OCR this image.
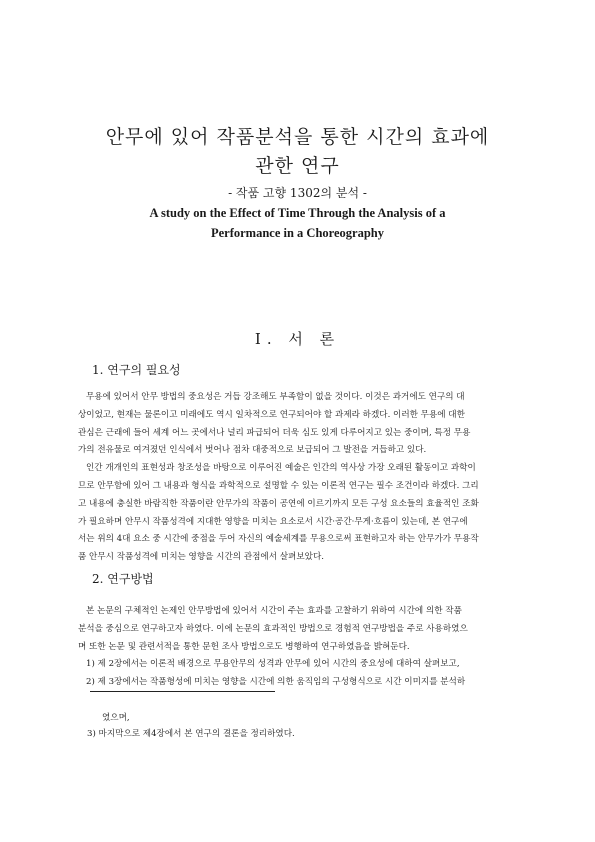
안무에 있어 작품분석을 통한 시간의 효과에
관한 연구
- 작품 고향 1302의 분석 -
A study on the Effect of Time Through the Analysis of a
Performance in a Choreography
Ⅰ. 서 론
1. 연구의 필요성
무용에 있어서 안무 방법의 중요성은 거듭 강조해도 부족함이 없을 것이다. 이것은 과거에도 연구의 대
상이었고, 현재는 물론이고 미래에도 역시 일차적으로 연구되어야 할 과제라 하겠다. 이러한 무용에 대한
관심은 근래에 들어 세계 어느 곳에서나 널리 파급되어 더욱 심도 있게 다루어지고 있는 중이며, 특정 무용
가의 전유물로 여겨졌던 인식에서 벗어나 점차 대중적으로 보급되어 그 발전을 거듭하고 있다.
인간 개개인의 표현성과 창조성을 바탕으로 이루어진 예술은 인간의 역사상 가장 오래된 활동이고 과학이
므로 안무함에 있어 그 내용과 형식을 과학적으로 설명할 수 있는 이론적 연구는 필수 조건이라 하겠다. 그리
고 내용에 충실한 바람직한 작품이란 안무가의 작품이 공연에 이르기까지 모든 구성 요소들의 효율적인 조화
가 필요하며 안무시 작품성격에 지대한 영향을 미치는 요소로서 시간·공간·무게·흐름이 있는데, 본 연구에
서는 위의 4대 요소 중 시간에 중점을 두어 자신의 예술세계를 무용으로써 표현하고자 하는 안무가가 무용작
품 안무시 작품성격에 미치는 영향을 시간의 관점에서 살펴보았다.
2. 연구방법
본 논문의 구체적인 논제인 안무방법에 있어서 시간이 주는 효과를 고찰하기 위하여 시간에 의한 작품
분석을 중심으로 연구하고자 하였다. 이에 논문의 효과적인 방법으로 경험적 연구방법을 주로 사용하였으
며 또한 논문 및 관련서적을 통한 문헌 조사 방법으로도 병행하여 연구하였음을 밝혀둔다.
1) 제 2장에서는 이론적 배경으로 무용안무의 성격과 안무에 있어 시간의 중요성에 대하여 살펴보고,
2) 제 3장에서는 작품형성에 미치는 영향을 시간에 의한 움직임의 구성형식으로 시간 이미지를 분석하
였으며,
3) 마지막으로 제4장에서 본 연구의 결론을 정리하였다.
